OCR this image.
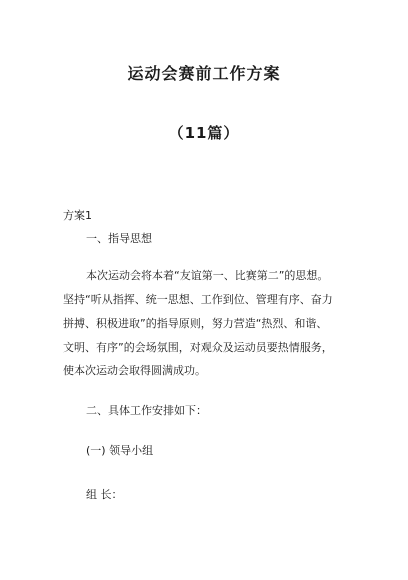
运动会赛前工作方案
（11篇）
方案1
一、指导思想
本次运动会将本着“友谊第一、比赛第二”的思想。
坚持“听从指挥、统一思想、工作到位、管理有序、奋力
拼搏、积极进取”的指导原则，努力营造“热烈、和谐、
文明、有序”的会场氛围，对观众及运动员要热情服务，
使本次运动会取得圆满成功。
二、具体工作安排如下：
(一) 领导小组
组 长：
